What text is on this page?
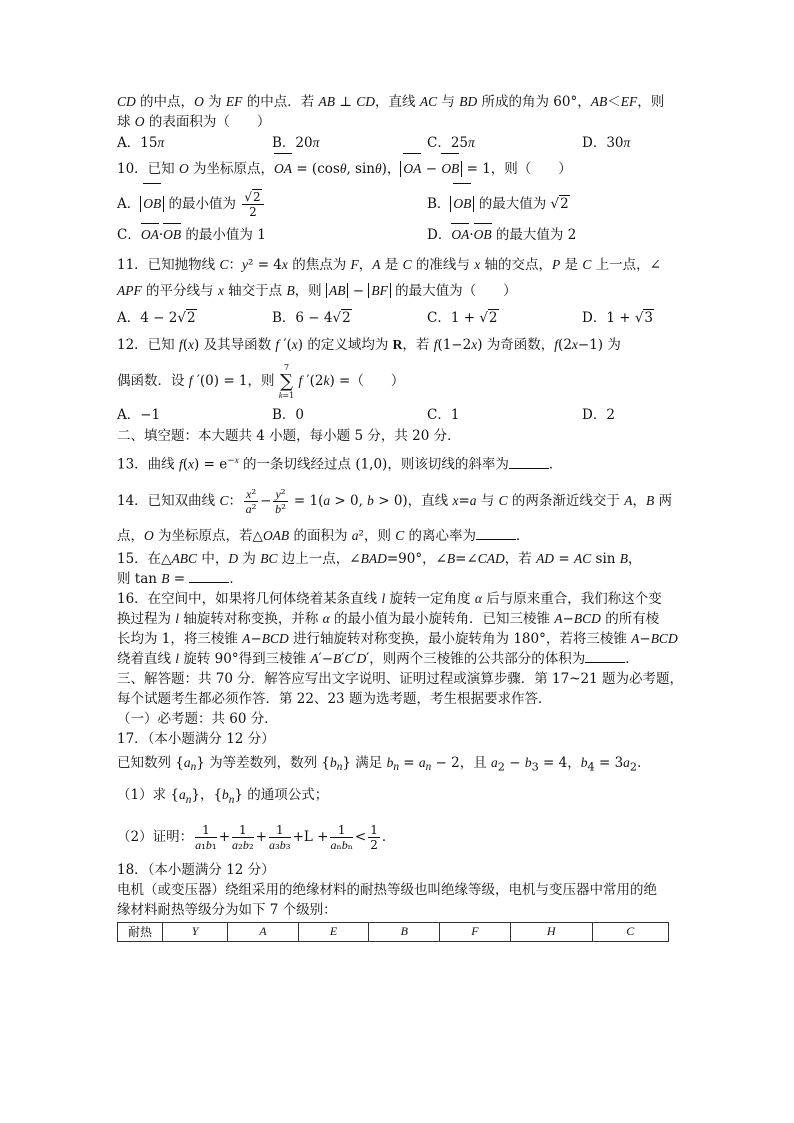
CD 的中点，O 为 EF 的中点．若 AB ⊥ CD，直线 AC 与 BD 所成的角为 60°，AB＜EF，则

球 O 的表面积为（　　）

A．15π	B．20π	C．25π	D．30π

10．已知 O 为坐标原点，OA = (cosθ, sinθ)， OA − OB = 1，则（　　）

A． OB 的最小值为 $\frac{√2}{2}$	B． OB 的最大值为 √2
C．OA·OB 的最小值为 1	D．OA·OB 的最大值为 2

11．已知抛物线 C：y² = 4x 的焦点为 F，A 是 C 的准线与 x 轴的交点，P 是 C 上一点，∠

APF 的平分线与 x 轴交于点 B，则 AB − BF 的最大值为（　　）

A．4 − 2√2	B．6 − 4√2	C．1 + √2	D．1 + √3

12．已知 f(x) 及其导函数 f ′(x) 的定义域均为 R，若 f(1−2x) 为奇函数，f(2x−1) 为

偶函数．设 f ′(0) = 1，则
7
∑
k=1
f ′(2k) =（　　）

A．−1	B．0	C．1	D．2

二、填空题：本大题共 4 小题，每小题 5 分，共 20 分．

13．曲线 $f(x) = e^{-x}$ 的一条切线经过点 (1,0)，则该切线的斜率为	．

14．已知双曲线 C： $\frac{\text{x²}}{\text{a²}} - \frac{\text{y²}}{\text{b²}} = 1(a > 0$, b > 0)，直线 x=a 与 C 的两条渐近线交于 A，B 两

点，O 为坐标原点，若△OAB 的面积为 a²，则 C 的离心率为	．

15．在△ABC 中，D 为 BC 边上一点，∠BAD=90°，∠B=∠CAD，若 AD = AC sin B，

则 tan B =	．

16．在空间中，如果将几何体绕着某条直线 l 旋转一定角度 α 后与原来重合，我们称这个变

换过程为 l 轴旋转对称变换，并称 α 的最小值为最小旋转角．已知三棱锥 A−BCD 的所有棱

长均为 1，将三棱锥 A−BCD 进行轴旋转对称变换，最小旋转角为 180°，若将三棱锥 A−BCD

绕着直线 l 旋转 90°得到三棱锥 A′−B′C′D′，则两个三棱锥的公共部分的体积为	．

三、解答题：共 70 分．解答应写出文字说明、证明过程或演算步骤．第 17~21 题为必考题，

每个试题考生都必须作答．第 22、23 题为选考题，考生根据要求作答．

（一）必考题：共 60 分．

17．（本小题满分 12 分）

已知数列 $\{a_n\}$ 为等差数列，数列 $\{b_n\}$ 满足 $b_n = a_n - 2$，且 $a_2 - b_3 = 4$，$b_4 = 3a_2$．

（1）求 $\{a_n\}$，$\{b_n\}$ 的通项公式；

（2）证明： $\frac{1}{\text{a₁b₁}} + \frac{1}{\text{a₂b₂}} + \frac{1}{\text{a₃b₃}} +L + \frac{1}{\text{aₙbₙ}} < \frac{1}{2}$ ．

18．（本小题满分 12 分）

电机（或变压器）绕组采用的绝缘材料的耐热等级也叫绝缘等级，电机与变压器中常用的绝

缘材料耐热等级分为如下 7 个级别：

耐热	Y	A	E	B	F	H	C
